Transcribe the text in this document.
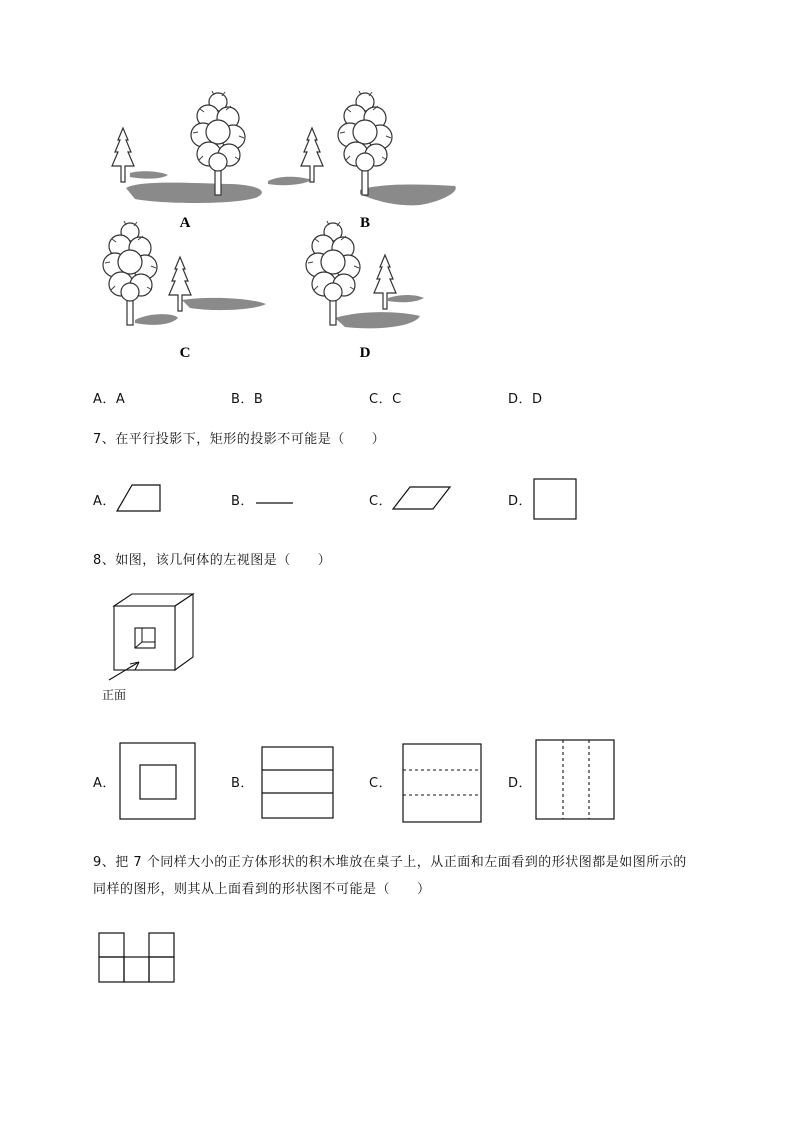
A	B
C	D
A．A	B．B	C．C	D．D
7、在平行投影下，矩形的投影不可能是（　　）
A．	B．	C．	D．
8、如图，该几何体的左视图是（　　）
正面
A．	B．	C．	D．
9、把 7 个同样大小的正方体形状的积木堆放在桌子上，从正面和左面看到的形状图都是如图所示的
同样的图形，则其从上面看到的形状图不可能是（　　）
